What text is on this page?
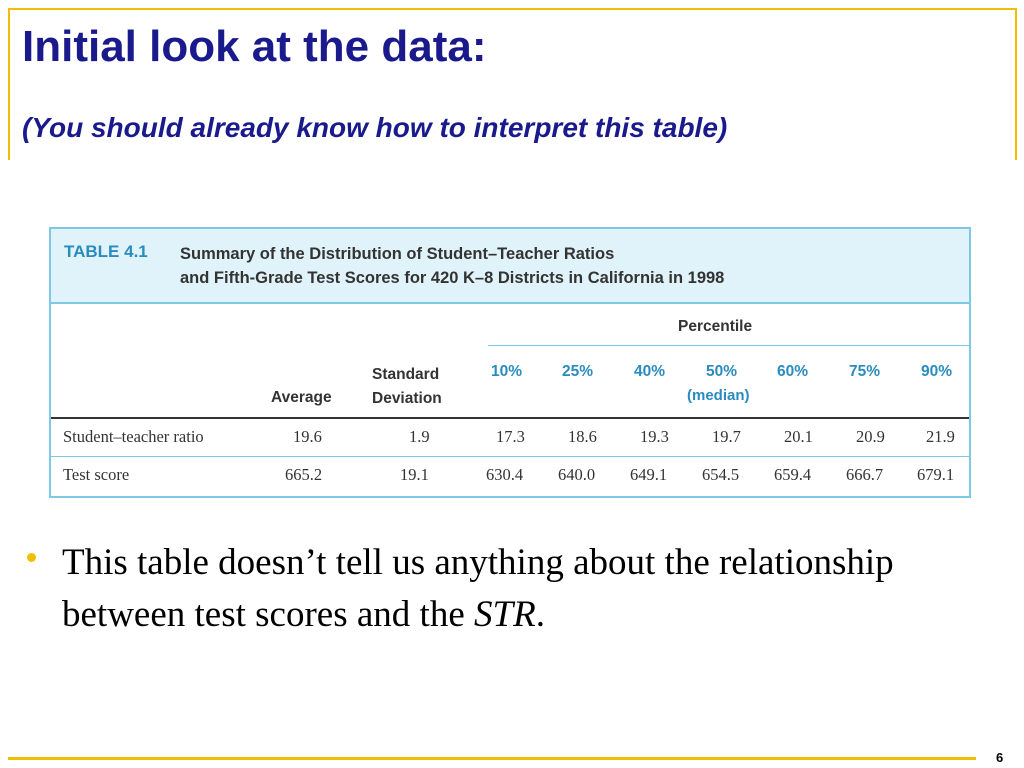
Initial look at the data:
(You should already know how to interpret this table)
TABLE 4.1 Summary of the Distribution of Student–Teacher Ratios
and Fifth-Grade Test Scores for 420 K–8 Districts in California in 1998
Percentile
Average
Standard
Deviation
10%	25%	40%	50%	60%	75%	90%
(median)
Student–teacher ratio	19.6	1.9	17.3	18.6	19.3	19.7	20.1	20.9 21.9
Test score	665.2	19.1	630.4 640.0 649.1 654.5 659.4 666.7 679.1

This table doesn’t tell us anything about the relationship between test scores and the STR.

6
